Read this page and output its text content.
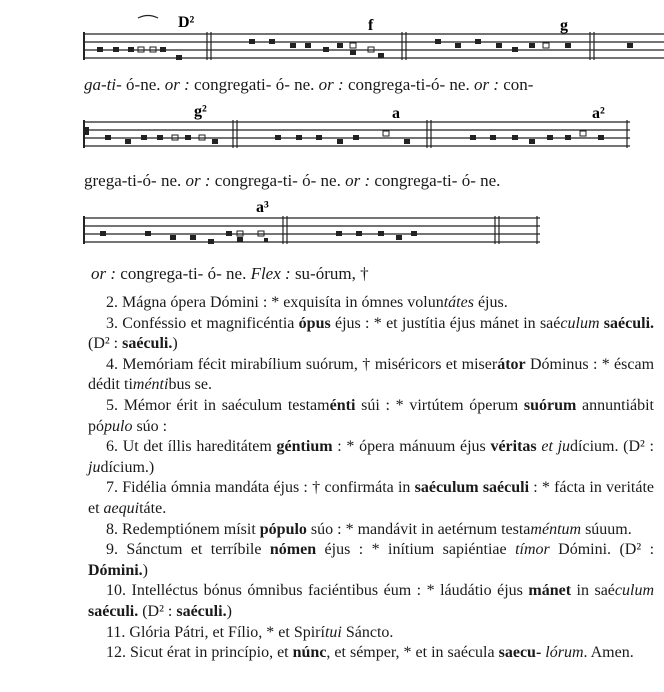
D²	f	g
ga-ti- ó-ne. or : congregati- ó- ne. or : congrega-ti-ó- ne. or : con-
g²	a	a²
grega-ti-ó- ne. or : congrega-ti- ó- ne. or : congrega-ti- ó- ne.
a³
or : congrega-ti- ó- ne. Flex : su-órum, †

2. Mágna ópera Dómini : * exquisíta in ómnes voluntátes éjus.

3. Conféssio et magnificéntia ópus éjus : * et justítia éjus mánet in saéculum saéculi. (D² : saéculi.)

4. Memóriam fécit mirabílium suórum, † miséricors et miserátor Dóminus : * éscam dédit timéntibus se.

5. Mémor érit in saéculum testaménti súi : * virtútem óperum suórum annuntiábit pópulo súo :

6. Ut det íllis hareditátem géntium : * ópera mánuum éjus véritas et judícium. (D² : judícium.)

7. Fidélia ómnia mandáta éjus : † confirmáta in saéculum saéculi : * fácta in veritáte et aequitáte.

8. Redemptiónem mísit pópulo súo : * mandávit in aetérnum testaméntum súuum.

9. Sánctum et terríbile nómen éjus : * inítium sapiéntiae tímor Dómini. (D² : Dómini.)

10. Intelléctus bónus ómnibus faciéntibus éum : * láudátio éjus mánet in saéculum saéculi. (D² : saéculi.)

11. Glória Pátri, et Fílio, * et Spirítui Sáncto.

12. Sicut érat in princípio, et núnc, et sémper, * et in saécula saecu- lórum. Amen.
